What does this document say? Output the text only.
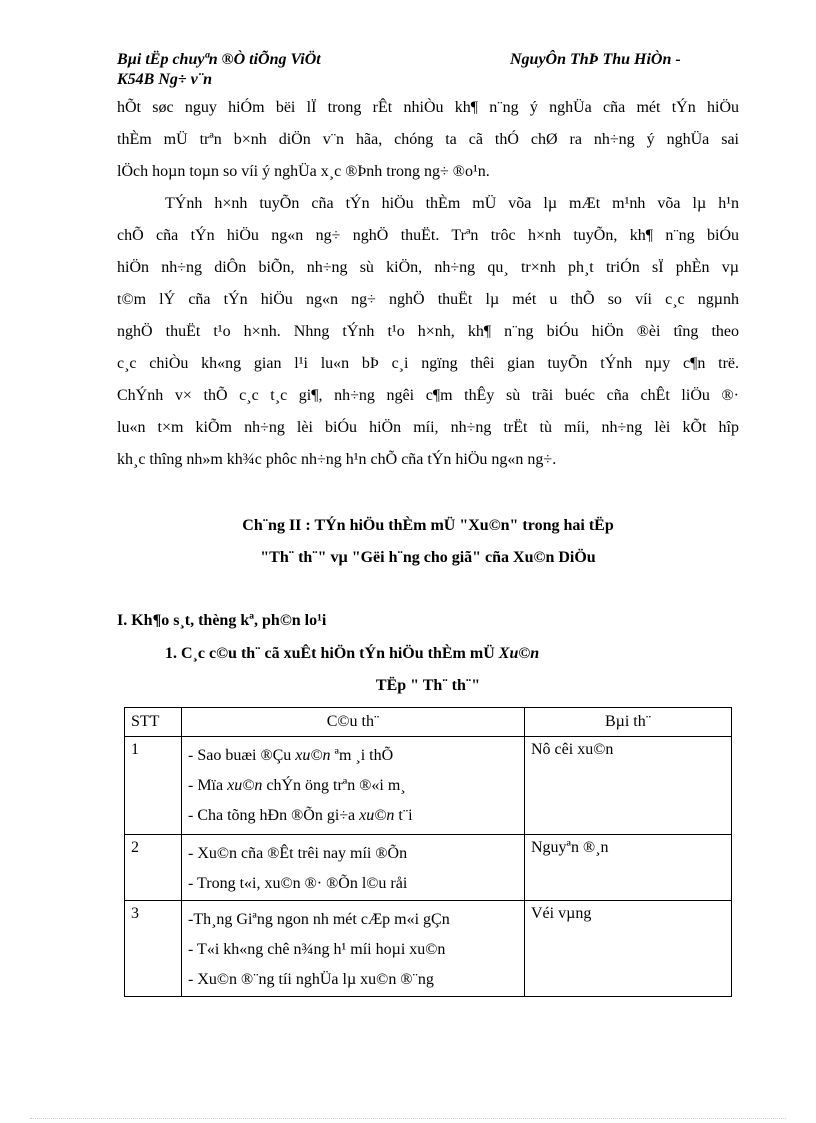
Bµi tËp chuyªn ®Ò tiÕng ViÖt	NguyÔn ThÞ Thu HiÒn -
K54B Ng÷ v¨n
hÕt søc nguy hiÓm bëi lÏ trong rÊt nhiÒu kh¶ n¨ng ý nghÜa cña mét tÝn hiÖu
thÈm mÜ trªn b×nh diÖn v¨n hãa, chóng ta cã thÓ chØ ra nh÷ng ý nghÜa sai
lÖch hoµn toµn so víi ý nghÜa x¸c ®Þnh trong ng÷ ®o¹n.
TÝnh h×nh tuyÕn cña tÝn hiÖu thÈm mÜ võa lµ mÆt m¹nh võa lµ h¹n
chÕ cña tÝn hiÖu ng«n ng÷ nghÖ thuËt. Trªn trôc h×nh tuyÕn, kh¶ n¨ng biÓu
hiÖn nh÷ng diÔn biÕn, nh÷ng sù kiÖn, nh÷ng qu¸ tr×nh ph¸t triÓn sÏ phÈn vµ
t©m lÝ cña tÝn hiÖu ng«n ng÷ nghÖ thuËt lµ mét u thÕ so víi c¸c ngµnh
nghÖ thuËt t¹o h×nh. Nhng tÝnh t¹o h×nh, kh¶ n¨ng biÓu hiÖn ®èi tîng theo
c¸c chiÒu kh«ng gian l¹i lu«n bÞ c¸i ngïng thêi gian tuyÕn tÝnh nµy c¶n trë.
ChÝnh v× thÕ c¸c t¸c gi¶, nh÷ng ngêi c¶m thÊy sù trãi buéc cña chÊt liÖu ®·
lu«n t×m kiÕm nh÷ng lèi biÓu hiÖn míi, nh÷ng trËt tù míi, nh÷ng lèi kÕt hîp
kh¸c thîng nh»m kh¾c phôc nh÷ng h¹n chÕ cña tÝn hiÖu ng«n ng÷.
Ch¨ng II : TÝn hiÖu thÈm mÜ "Xu©n" trong hai tËp
"Th¨ th¨" vµ "Gëi h¨ng cho giã" cña Xu©n DiÖu
I. Kh¶o s¸t, thèng kª, ph©n lo¹i
1. C¸c c©u th¨ cã xuÊt hiÖn tÝn hiÖu thÈm mÜ Xu©n
TËp " Th¨ th¨"
STT	C©u th¨	Bµi th¨
1	- Sao buæi ®Çu xu©n ªm ¸i thÕ
- Mïa xu©n chÝn öng trªn ®«i m¸
- Cha tõng hÐn ®Õn gi÷a xu©n t¨i	Nô cêi xu©n
2	- Xu©n cña ®Êt trêi nay míi ®Õn
- Trong t«i, xu©n ®· ®Õn l©u råi	Nguyªn ®¸n
3	-Th¸ng Giªng ngon nh mét cÆp m«i gÇn
- T«i kh«ng chê n¾ng h¹ míi hoµi xu©n
- Xu©n ®¨ng tíi nghÜa lµ xu©n ®¨ng	Véi vµng
